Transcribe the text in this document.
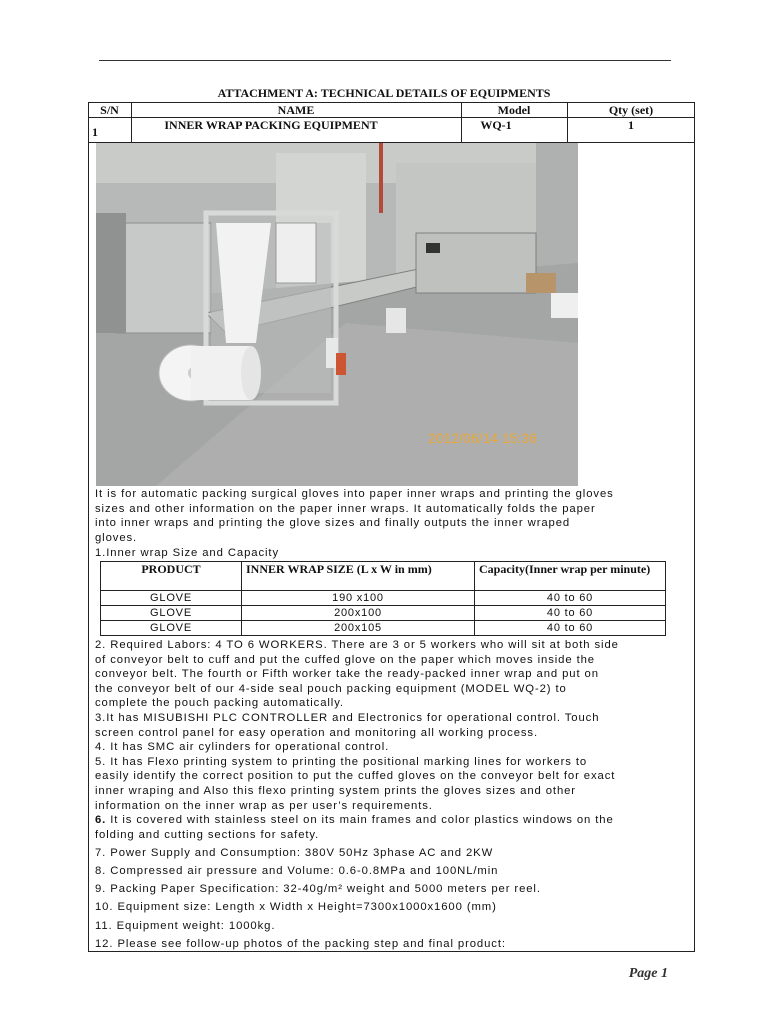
ATTACHMENT A: TECHNICAL DETAILS OF EQUIPMENTS
S/N	NAME	Model	Qty (set)
1	INNER WRAP PACKING EQUIPMENT	WQ-1	1
2012/06/14 15:36
It is for automatic packing surgical gloves into paper inner wraps and printing the gloves
sizes and other information on the paper inner wraps. It automatically folds the paper
into inner wraps and printing the glove sizes and finally outputs the inner wraped
gloves.
1.Inner wrap Size and Capacity
PRODUCT	INNER WRAP SIZE (L x W in mm)	Capacity(Inner wrap per minute)
GLOVE	190 x100	40 to 60
GLOVE	200x100	40 to 60
GLOVE	200x105	40 to 60
2. Required Labors: 4 TO 6 WORKERS. There are 3 or 5 workers who will sit at both side
of conveyor belt to cuff and put the cuffed glove on the paper which moves inside the
conveyor belt. The fourth or Fifth worker take the ready-packed inner wrap and put on
the conveyor belt of our 4-side seal pouch packing equipment (MODEL WQ-2) to
complete the pouch packing automatically.
3.It has MISUBISHI PLC CONTROLLER and Electronics for operational control. Touch
screen control panel for easy operation and monitoring all working process.
4. It has SMC air cylinders for operational control.
5. It has Flexo printing system to printing the positional marking lines for workers to
easily identify the correct position to put the cuffed gloves on the conveyor belt for exact
inner wraping and Also this flexo printing system prints the gloves sizes and other
information on the inner wrap as per user’s requirements.
6. It is covered with stainless steel on its main frames and color plastics windows on the
folding and cutting sections for safety.
7. Power Supply and Consumption: 380V 50Hz 3phase AC and 2KW
8. Compressed air pressure and Volume: 0.6-0.8MPa and 100NL/min
9. Packing Paper Specification: 32-40g/m² weight and 5000 meters per reel.
10. Equipment size: Length x Width x Height=7300x1000x1600 (mm)
11. Equipment weight: 1000kg.
12. Please see follow-up photos of the packing step and final product:
Page 1
